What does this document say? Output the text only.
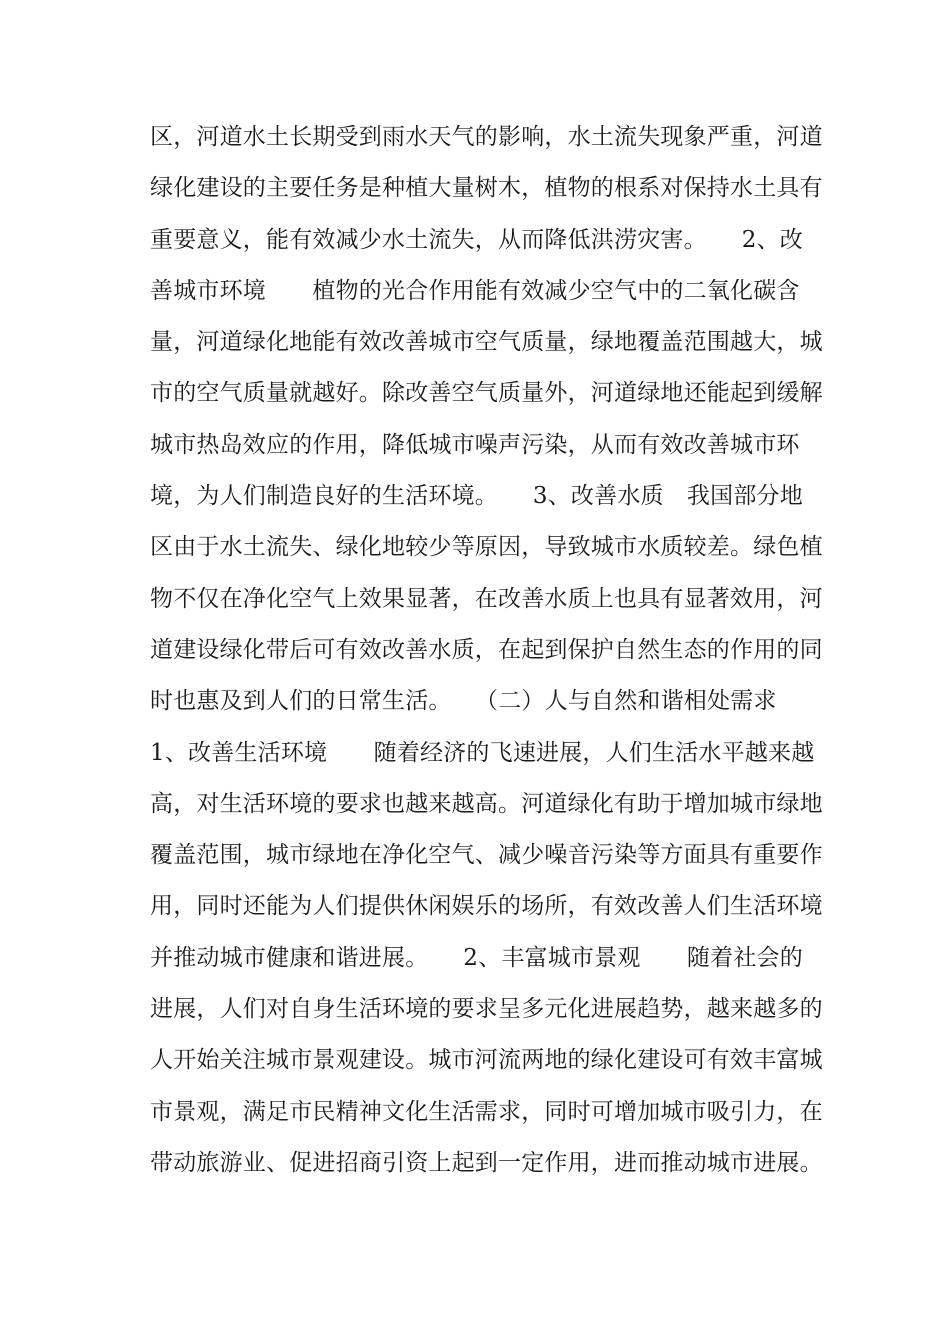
区，河道水土长期受到雨水天气的影响，水土流失现象严重，河道
绿化建设的主要任务是种植大量树木，植物的根系对保持水土具有
重要意义，能有效减少水土流失，从而降低洪涝灾害。　　2、改
善城市环境　　植物的光合作用能有效减少空气中的二氧化碳含
量，河道绿化地能有效改善城市空气质量，绿地覆盖范围越大，城
市的空气质量就越好。除改善空气质量外，河道绿地还能起到缓解
城市热岛效应的作用，降低城市噪声污染，从而有效改善城市环
境，为人们制造良好的生活环境。　　3、改善水质　我国部分地
区由于水土流失、绿化地较少等原因，导致城市水质较差。绿色植
物不仅在净化空气上效果显著，在改善水质上也具有显著效用，河
道建设绿化带后可有效改善水质，在起到保护自然生态的作用的同
时也惠及到人们的日常生活。　　（二）人与自然和谐相处需求
1、改善生活环境　　随着经济的飞速进展，人们生活水平越来越
高，对生活环境的要求也越来越高。河道绿化有助于增加城市绿地
覆盖范围，城市绿地在净化空气、减少噪音污染等方面具有重要作
用，同时还能为人们提供休闲娱乐的场所，有效改善人们生活环境
并推动城市健康和谐进展。　　2、丰富城市景观　　随着社会的
进展，人们对自身生活环境的要求呈多元化进展趋势，越来越多的
人开始关注城市景观建设。城市河流两地的绿化建设可有效丰富城
市景观，满足市民精神文化生活需求，同时可增加城市吸引力，在
带动旅游业、促进招商引资上起到一定作用，进而推动城市进展。
